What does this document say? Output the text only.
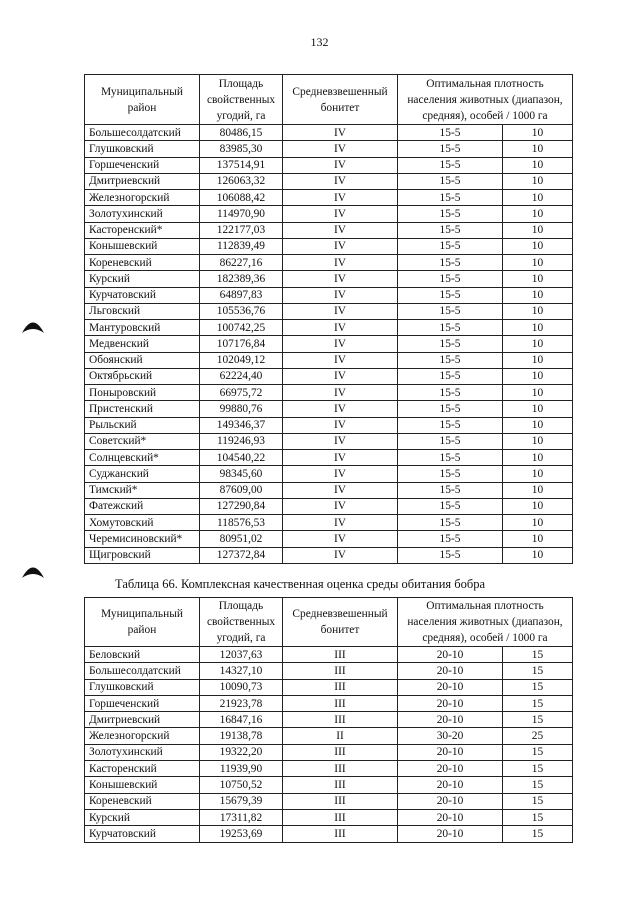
132
Муниципальный район	Площадь свойственных угодий, га	Средневзвешенный бонитет	Оптимальная плотность населения животных (диапазон, средняя), особей / 1000 га	
Большесолдатский	80486,15	IV	15-5	10
Глушковский	83985,30	IV	15-5	10
Горшеченский	137514,91	IV	15-5	10
Дмитриевский	126063,32	IV	15-5	10
Железногорский	106088,42	IV	15-5	10
Золотухинский	114970,90	IV	15-5	10
Касторенский*	122177,03	IV	15-5	10
Конышевский	112839,49	IV	15-5	10
Кореневский	86227,16	IV	15-5	10
Курский	182389,36	IV	15-5	10
Курчатовский	64897,83	IV	15-5	10
Льговский	105536,76	IV	15-5	10
Мантуровский	100742,25	IV	15-5	10
Медвенский	107176,84	IV	15-5	10
Обоянский	102049,12	IV	15-5	10
Октябрьский	62224,40	IV	15-5	10
Поныровский	66975,72	IV	15-5	10
Пристенский	99880,76	IV	15-5	10
Рыльский	149346,37	IV	15-5	10
Советский*	119246,93	IV	15-5	10
Солнцевский*	104540,22	IV	15-5	10
Суджанский	98345,60	IV	15-5	10
Тимский*	87609,00	IV	15-5	10
Фатежский	127290,84	IV	15-5	10
Хомутовский	118576,53	IV	15-5	10
Черемисиновский*	80951,02	IV	15-5	10
Щигровский	127372,84	IV	15-5	10
Таблица 66. Комплексная качественная оценка среды обитания бобра
Муниципальный район	Площадь свойственных угодий, га	Средневзвешенный бонитет	Оптимальная плотность населения животных (диапазон, средняя), особей / 1000 га	
Беловский	12037,63	III	20-10	15
Большесолдатский	14327,10	III	20-10	15
Глушковский	10090,73	III	20-10	15
Горшеченский	21923,78	III	20-10	15
Дмитриевский	16847,16	III	20-10	15
Железногорский	19138,78	II	30-20	25
Золотухинский	19322,20	III	20-10	15
Касторенский	11939,90	III	20-10	15
Конышевский	10750,52	III	20-10	15
Кореневский	15679,39	III	20-10	15
Курский	17311,82	III	20-10	15
Курчатовский	19253,69	III	20-10	15
